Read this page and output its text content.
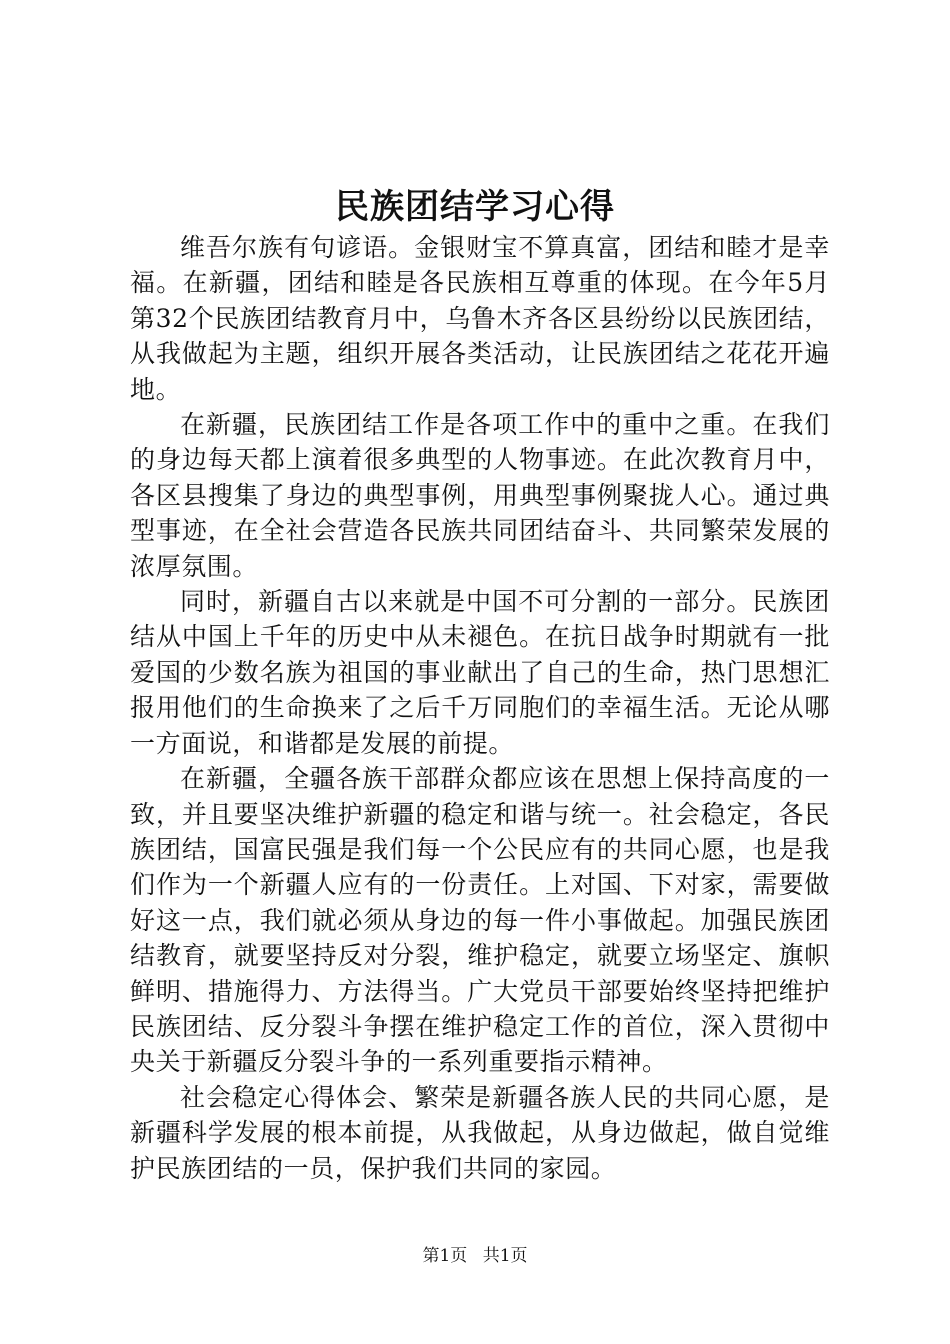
民族团结学习心得

维吾尔族有句谚语。金银财宝不算真富，团结和睦才是幸福。在新疆，团结和睦是各民族相互尊重的体现。在今年5月第32个民族团结教育月中，乌鲁木齐各区县纷纷以民族团结，从我做起为主题，组织开展各类活动，让民族团结之花花开遍地。

在新疆，民族团结工作是各项工作中的重中之重。在我们的身边每天都上演着很多典型的人物事迹。在此次教育月中，各区县搜集了身边的典型事例，用典型事例聚拢人心。通过典型事迹，在全社会营造各民族共同团结奋斗、共同繁荣发展的浓厚氛围。

同时，新疆自古以来就是中国不可分割的一部分。民族团结从中国上千年的历史中从未褪色。在抗日战争时期就有一批爱国的少数名族为祖国的事业献出了自己的生命，热门思想汇报用他们的生命换来了之后千万同胞们的幸福生活。无论从哪一方面说，和谐都是发展的前提。

在新疆，全疆各族干部群众都应该在思想上保持高度的一致，并且要坚决维护新疆的稳定和谐与统一。社会稳定，各民族团结，国富民强是我们每一个公民应有的共同心愿，也是我们作为一个新疆人应有的一份责任。上对国、下对家，需要做好这一点，我们就必须从身边的每一件小事做起。加强民族团结教育，就要坚持反对分裂，维护稳定，就要立场坚定、旗帜鲜明、措施得力、方法得当。广大党员干部要始终坚持把维护民族团结、反分裂斗争摆在维护稳定工作的首位，深入贯彻中央关于新疆反分裂斗争的一系列重要指示精神。

社会稳定心得体会、繁荣是新疆各族人民的共同心愿，是新疆科学发展的根本前提，从我做起，从身边做起，做自觉维护民族团结的一员，保护我们共同的家园。

第1页 共1页
